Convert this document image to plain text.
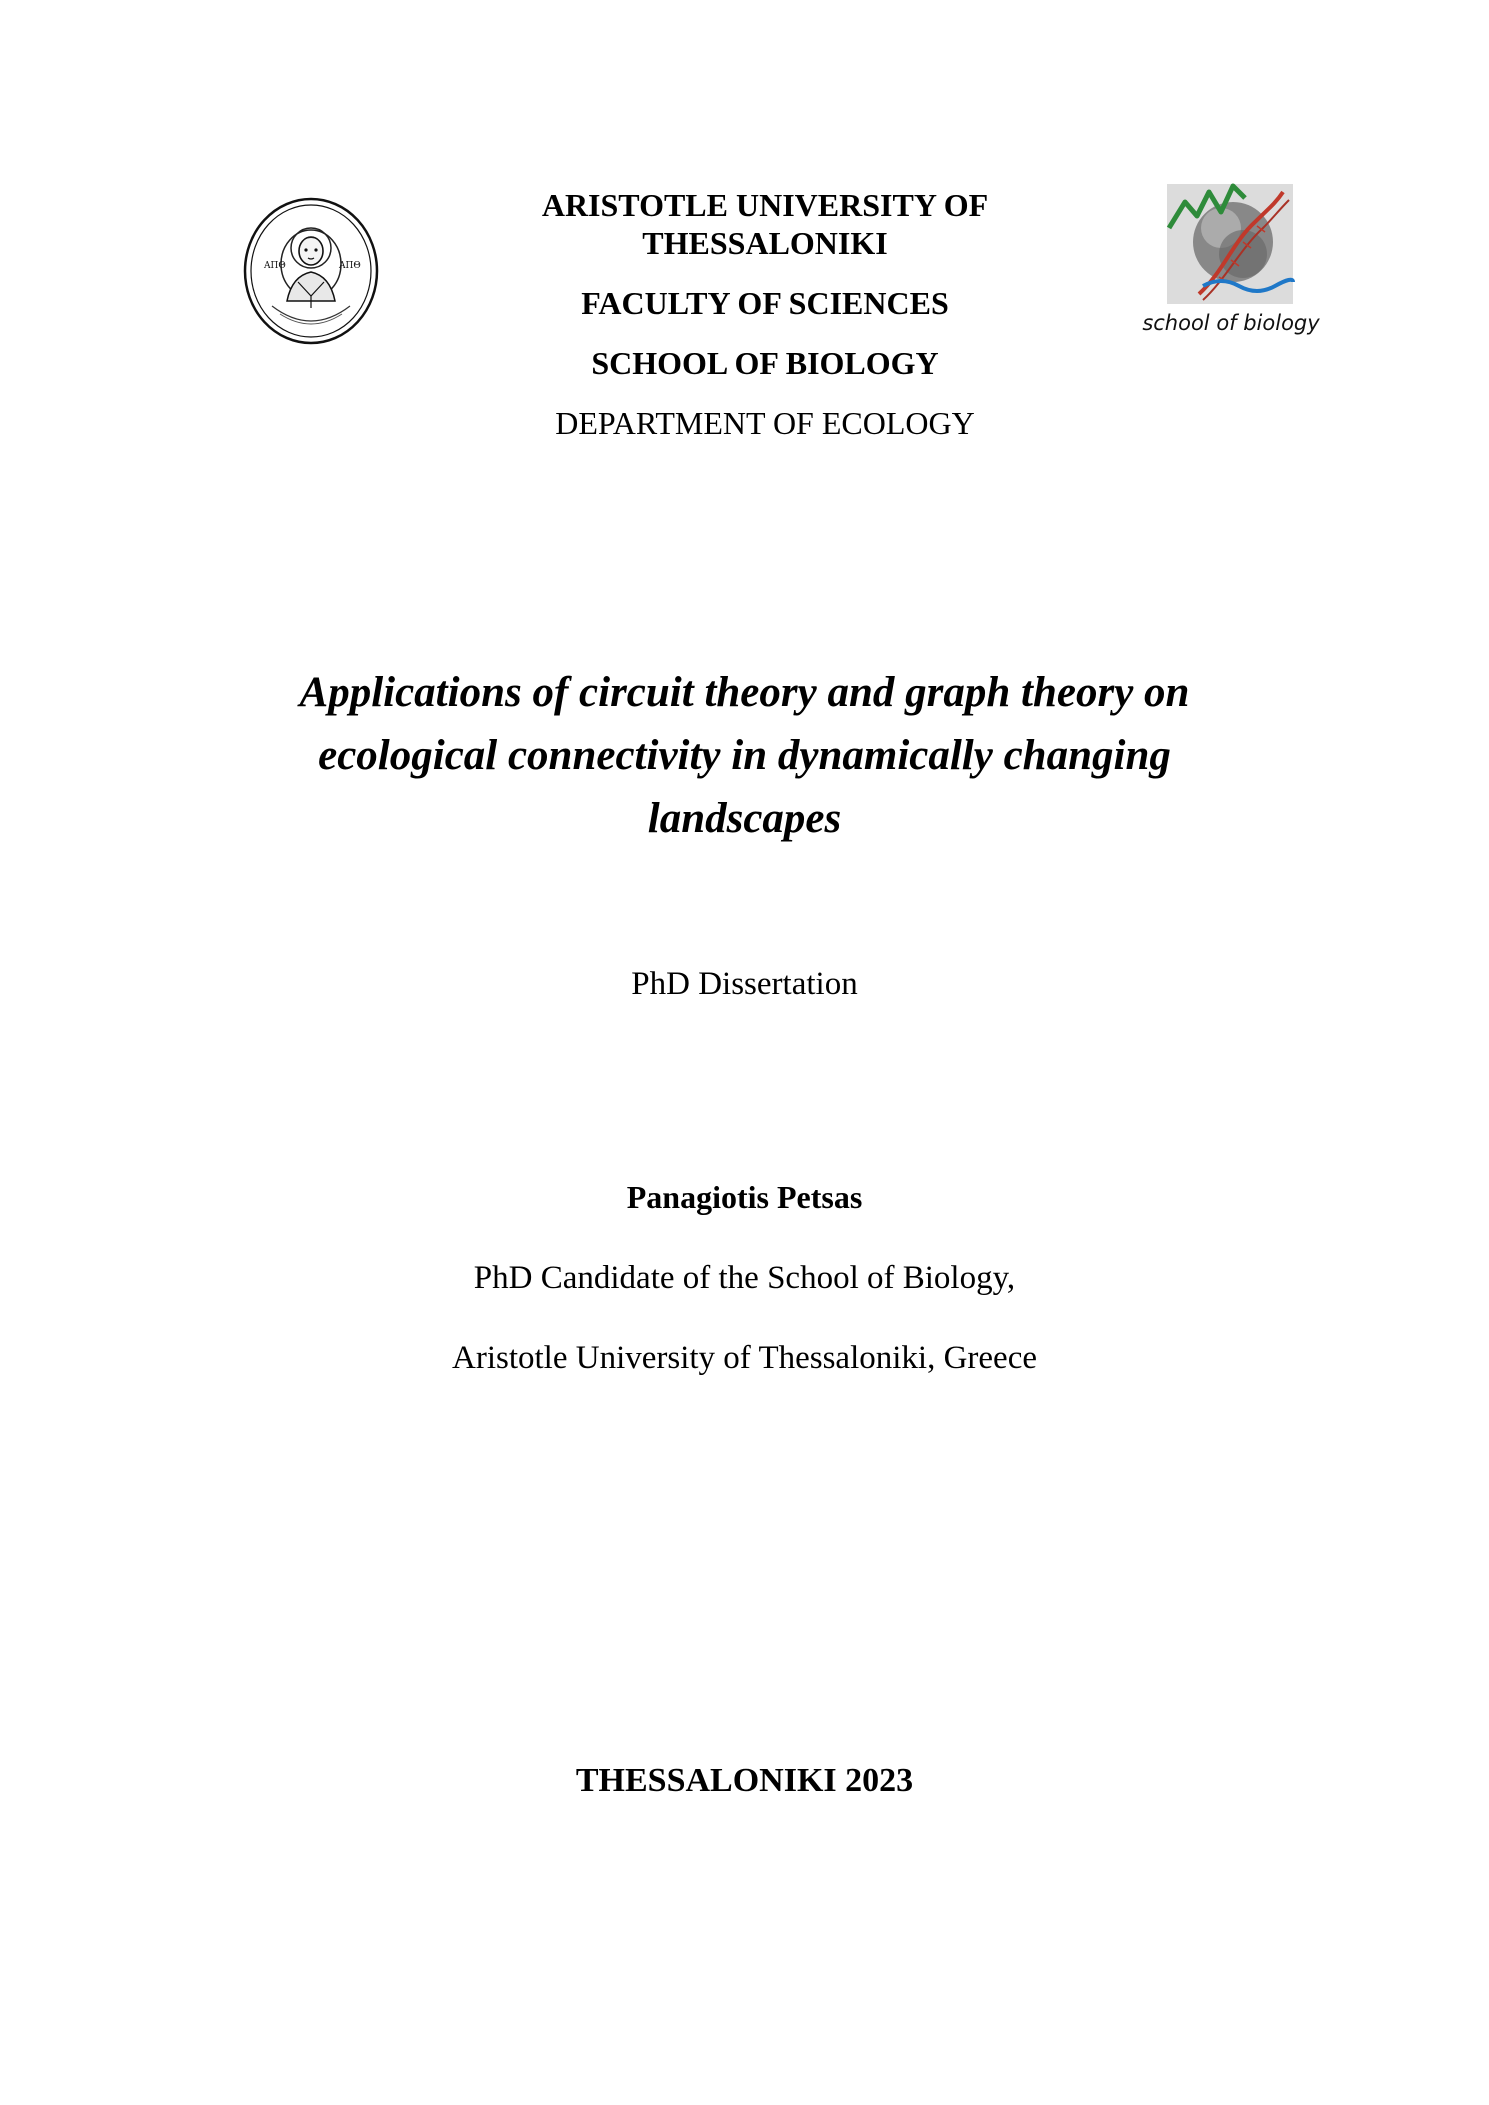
ΑΠΘ	ΑΠΘ
ARISTOTLE UNIVERSITY OF
THESSALONIKI
FACULTY OF SCIENCES
SCHOOL OF BIOLOGY
DEPARTMENT OF ECOLOGY
school of biology
Applications of circuit theory and graph theory on
ecological connectivity in dynamically changing
landscapes
PhD Dissertation
Panagiotis Petsas
PhD Candidate of the School of Biology,
Aristotle University of Thessaloniki, Greece
THESSALONIKI 2023
